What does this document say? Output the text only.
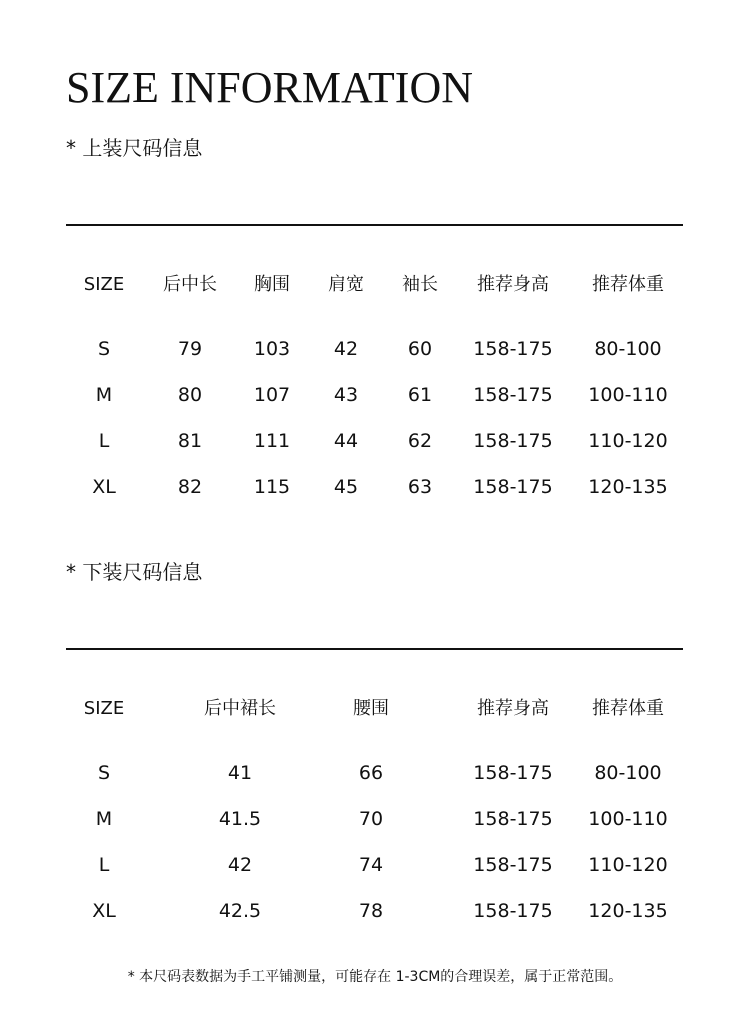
SIZE INFORMATION
* 上装尺码信息
SIZE 后中长 胸围 肩宽 袖长 推荐身高 推荐体重
S	79	103 42	60 158-175 80-100
M	80	107 43	61 158-175 100-110
L	81	111 44	62 158-175 110-120
XL	82	115 45	63 158-175 120-135
* 下装尺码信息
SIZE	后中裙长	腰围	推荐身高 推荐体重
S	41	66	158-175 80-100
M	41.5	70	158-175 100-110
L	42	74	158-175 110-120
XL	42.5	78	158-175 120-135
* 本尺码表数据为手工平铺测量，可能存在 1-3CM的合理误差，属于正常范围。
